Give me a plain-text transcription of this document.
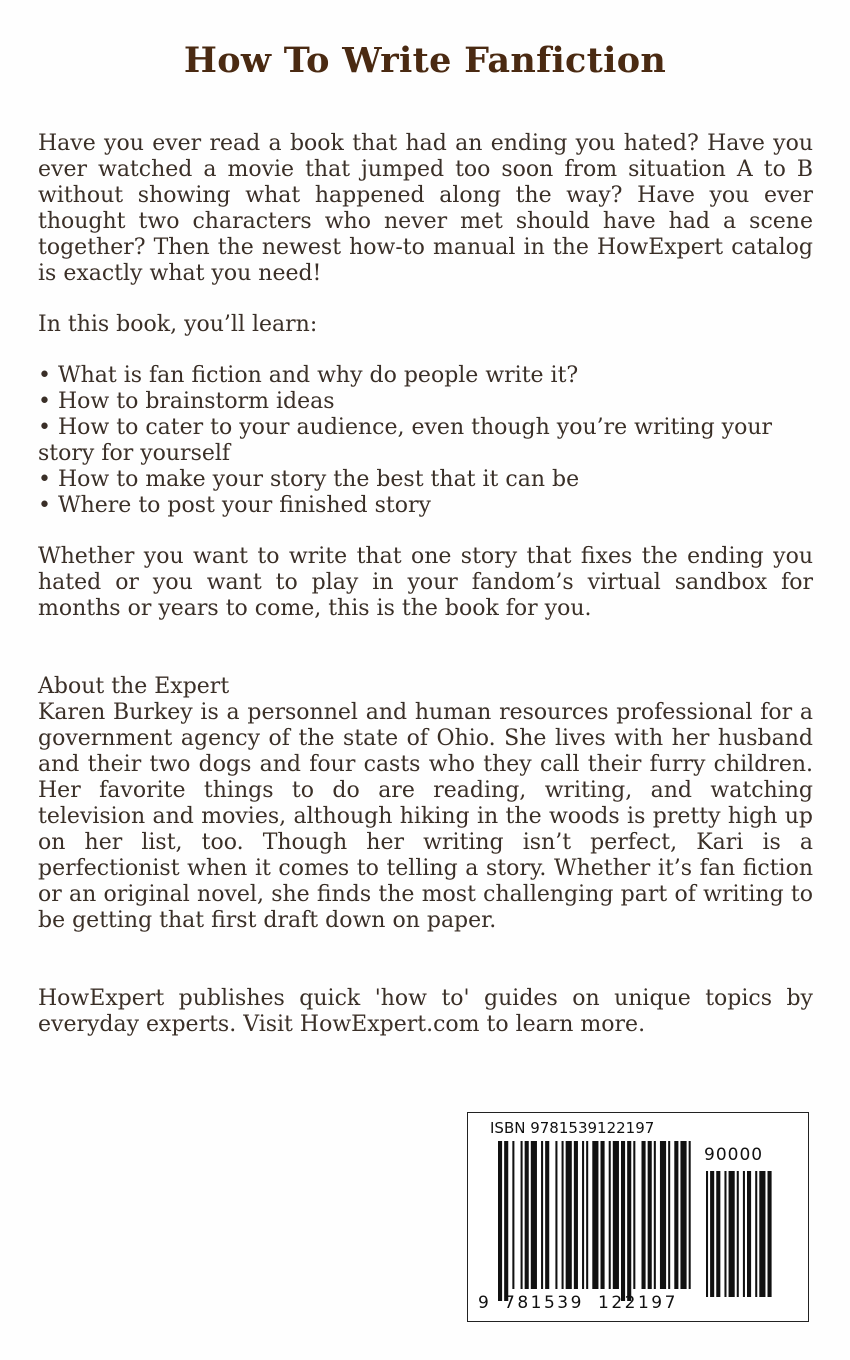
How To Write Fanfiction

Have you ever read a book that had an ending you hated? Have you ever watched a movie that jumped too soon from situation A to B without showing what happened along the way? Have you ever thought two characters who never met should have had a scene together? Then the newest how-to manual in the HowExpert catalog is exactly what you need!

In this book, you’ll learn:

• What is fan fiction and why do people write it?
• How to brainstorm ideas
• How to cater to your audience, even though you’re writing your story for yourself
• How to make your story the best that it can be
• Where to post your finished story

Whether you want to write that one story that fixes the ending you hated or you want to play in your fandom’s virtual sandbox for months or years to come, this is the book for you.

About the Expert

Karen Burkey is a personnel and human resources professional for a government agency of the state of Ohio. She lives with her husband and their two dogs and four casts who they call their furry children. Her favorite things to do are reading, writing, and watching television and movies, although hiking in the woods is pretty high up on her list, too. Though her writing isn’t perfect, Kari is a perfectionist when it comes to telling a story. Whether it’s fan fiction or an original novel, she finds the most challenging part of writing to be getting that first draft down on paper.

HowExpert publishes quick 'how to' guides on unique topics by everyday experts. Visit HowExpert.com to learn more.

ISBN 9781539122197
90000
9 781539 122197
